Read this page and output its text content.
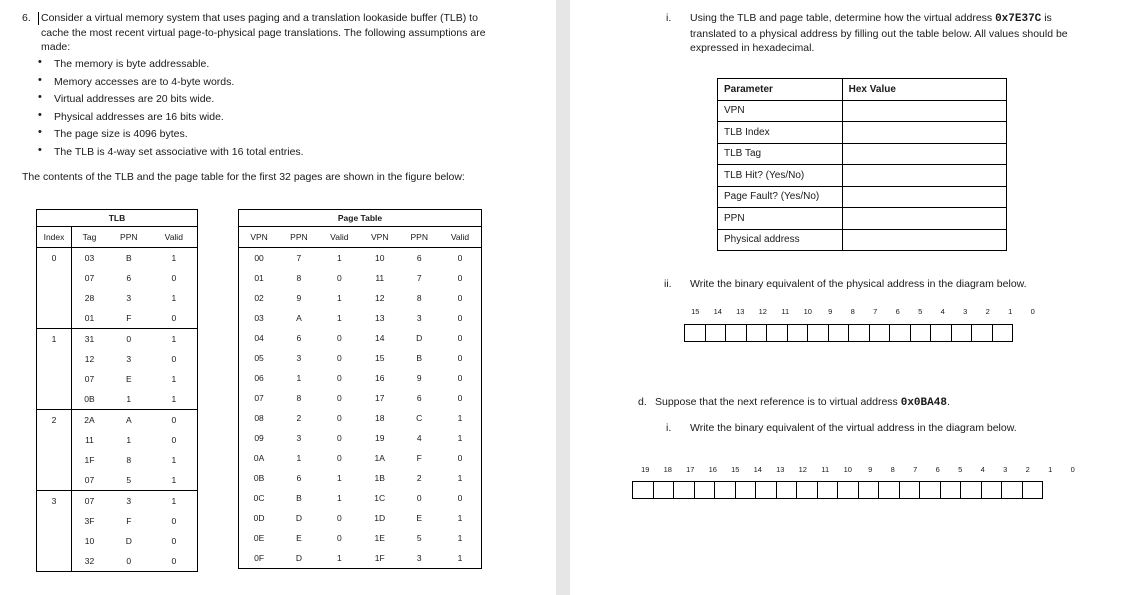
6. Consider a virtual memory system that uses paging and a translation lookaside buffer (TLB) to cache the most recent virtual page-to-physical page translations. The following assumptions are made:
• The memory is byte addressable.
• Memory accesses are to 4-byte words.
• Virtual addresses are 20 bits wide.
• Physical addresses are 16 bits wide.
• The page size is 4096 bytes.
• The TLB is 4-way set associative with 16 total entries.
The contents of the TLB and the page table for the first 32 pages are shown in the figure below:
TLB			
Index	Tag	PPN	Valid
0	03	B	1
	07	6	0
	28	3	1
	01	F	0
1	31	0	1
	12	3	0
	07	E	1
	0B	1	1
2	2A	A	0
	11	1	0
	1F	8	1
	07	5	1
3	07	3	1
	3F	F	0
	10	D	0
	32	0	0
Page Table					
VPN	PPN	Valid	VPN	PPN	Valid
00	7	1	10	6	0
01	8	0	11	7	0
02	9	1	12	8	0
03	A	1	13	3	0
04	6	0	14	D	0
05	3	0	15	B	0
06	1	0	16	9	0
07	8	0	17	6	0
08	2	0	18	C	1
09	3	0	19	4	1
0A	1	0	1A	F	0
0B	6	1	1B	2	1
0C	B	1	1C	0	0
0D	D	0	1D	E	1
0E	E	0	1E	5	1
0F	D	1	1F	3	1
i. Using the TLB and page table, determine how the virtual address 0x7E37C is translated to a physical address by filling out the table below. All values should be expressed in hexadecimal.
Parameter	Hex Value
VPN	
TLB Index	
TLB Tag	
TLB Hit? (Yes/No)	
Page Fault? (Yes/No)	
PPN	
Physical address	
ii. Write the binary equivalent of the physical address in the diagram below.
15	14	13	12	11	10	9	8	7	6	5	4	3	2	1	0
d. Suppose that the next reference is to virtual address 0x0BA48.
i. Write the binary equivalent of the virtual address in the diagram below.
19	18	17	16	15	14	13	12	11	10	9	8	7	6	5	4	3	2	1	0
